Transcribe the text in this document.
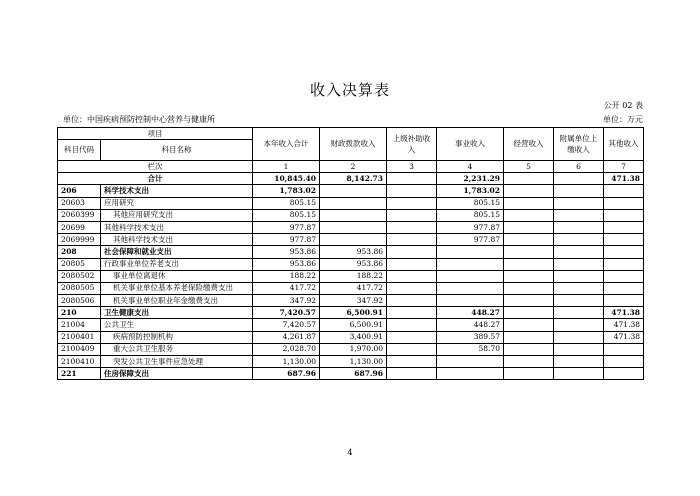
收入决算表
公开 02 表
单位：中国疾病预防控制中心营养与健康所	单位：万元
项目		本年收入合计	财政拨款收入	上级补助收入	事业收入	经营收入	附属单位上缴收入	其他收入
科目代码	科目名称							
栏次		1	2	3	4	5	6	7
合计		10,845.40	8,142.73		2,231.29			471.38
206	科学技术支出	1,783.02			1,783.02			
20603	应用研究	805.15			805.15			
2060399	其他应用研究支出	805.15			805.15			
20699	其他科学技术支出	977.87			977.87			
2069999	其他科学技术支出	977.87			977.87			
208	社会保障和就业支出	953.86	953.86					
20805	行政事业单位养老支出	953.86	953.86					
2080502	事业单位离退休	188.22	188.22					
2080505	机关事业单位基本养老保险缴费支出	417.72	417.72					
2080506	机关事业单位职业年金缴费支出	347.92	347.92					
210	卫生健康支出	7,420.57	6,500.91		448.27			471.38
21004	公共卫生	7,420.57	6,500.91		448.27			471.38
2100401	疾病预防控制机构	4,261.87	3,400.91		389.57			471.38
2100409	重大公共卫生服务	2,028.70	1,970.00		58.70			
2100410	突发公共卫生事件应急处理	1,130.00	1,130.00					
221	住房保障支出	687.96	687.96					
4
